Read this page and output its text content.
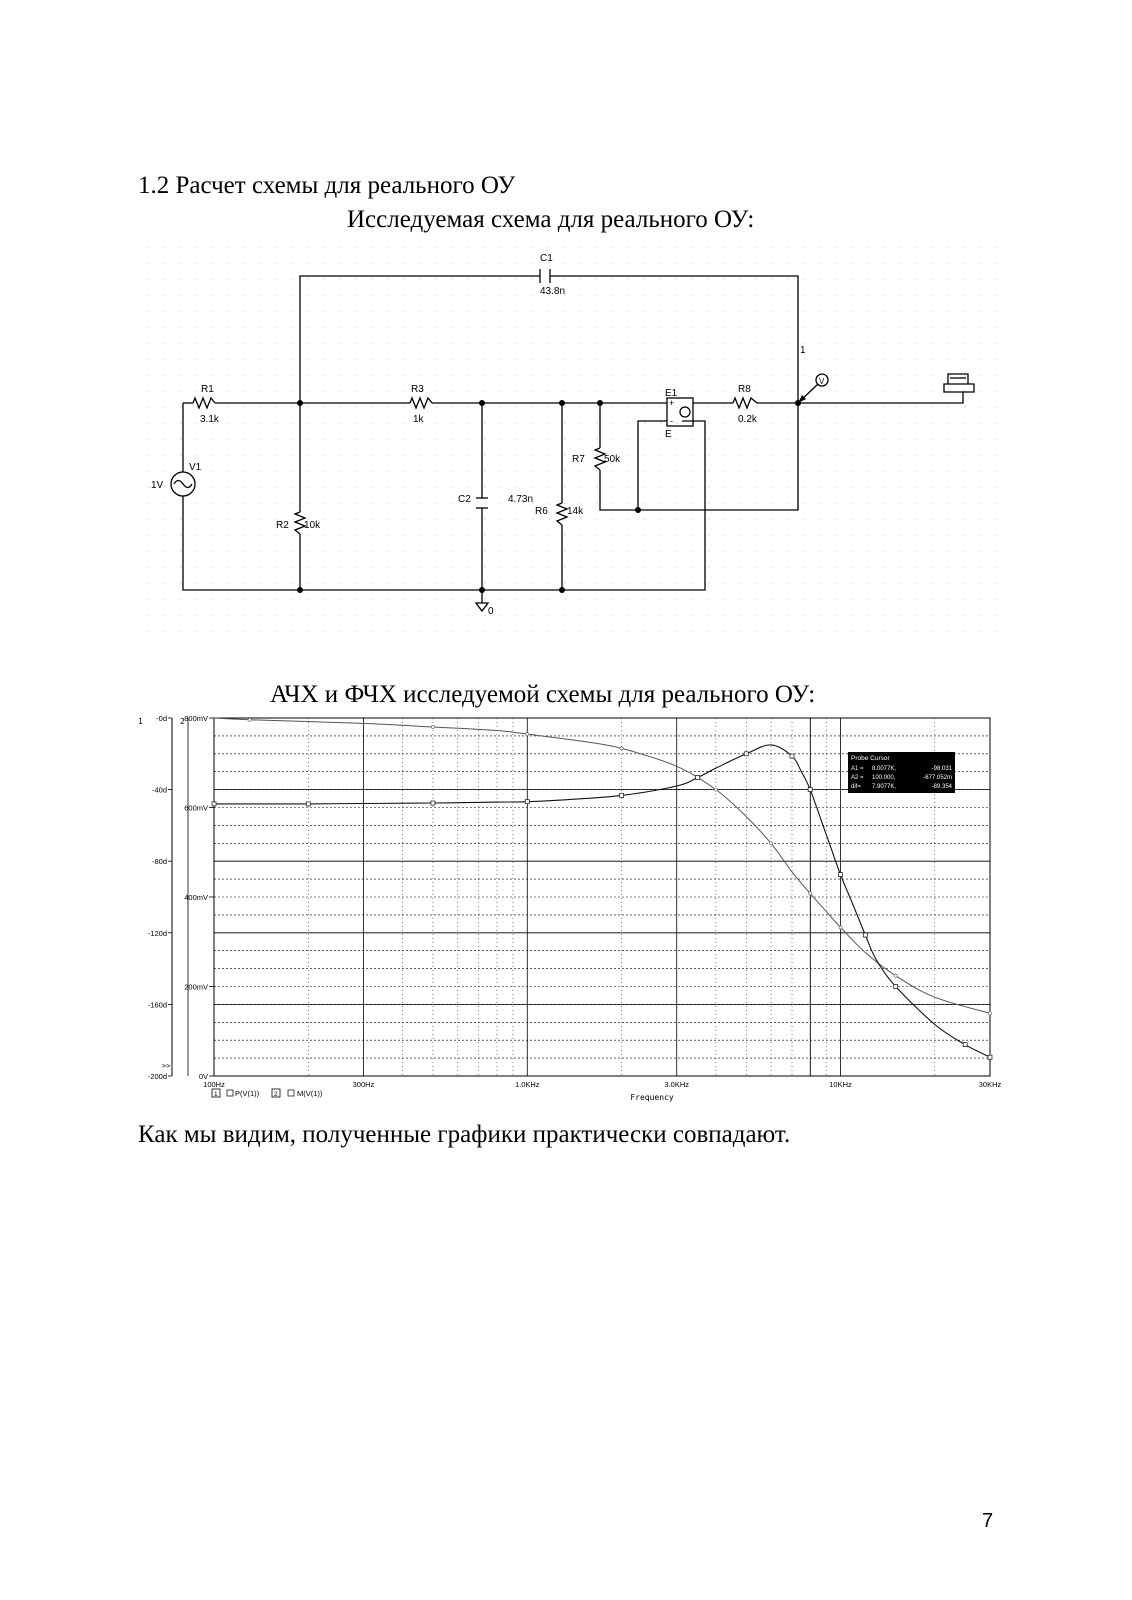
1.2 Расчет схемы для реального ОУ
Исследуемая схема для реального ОУ:
C1
43.8n
1
R1
3.1k
R3
1k
E1
E
R8
0.2k
V1
1V
R7 50k
C2	4.73n
R6 14k
R2 10k
0
V
+
-
АЧХ и ФЧХ исследуемой схемы для реального ОУ:
-0d
-40d
-80d
-120d
-160d
-200d
800mV
600mV
400mV
200mV
0V
100Hz	300Hz	1.0KHz	3.0KHz	10KHz	30KHz
1	2
>>
Frequency
1 P(V(1)) 2	M(V(1))
Probe Cursor
A1 = 8.0077K,	-98.031
A2 = 100.000,	-677.052m
dif= 7.9077K,	-89.354
Как мы видим, полученные графики практически совпадают.
7
